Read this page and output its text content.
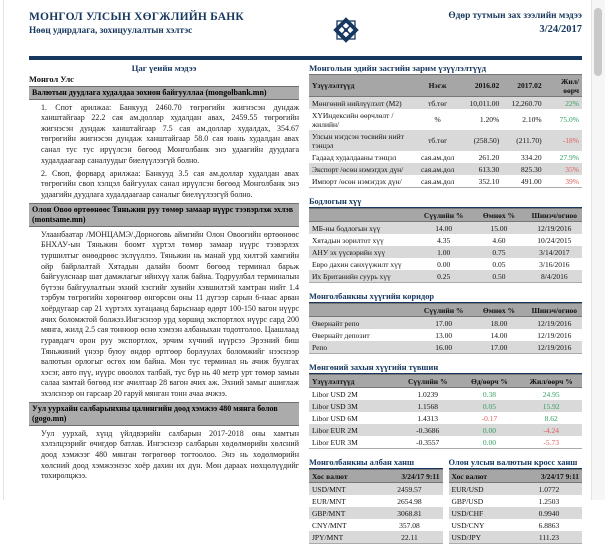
МОНГОЛ УЛСЫН ХӨГЖЛИЙН БАНК
Нөөц удирдлага, зохицуулалтын хэлтэс
Өдөр тутмын зах зээлийн мэдээ
3/24/2017
Цаг үеийн мэдээ
Монгол Улс
Валютын дуудлага худалдаа зохион байгууллаа (mongolbank.mn)
1. Спот арилжаа: Банкууд 2460.70 төгрөгийн жигнэсэн дундаж ханштайгаар 22.2 сая ам.доллар худалдан авах, 2459.55 төгрөгийн жигнэсэн дундаж ханштайгаар 7.5 сая ам.доллар худалдах, 354.67 төгрөгийн жигнэсэн дундаж ханштайгаар 58.0 сая юань худалдан авах санал тус тус ирүүлсэн бөгөөд Монголбанк энэ удаагийн дуудлага худалдаагаар саналуудыг биелүүлээгүй болно.
2. Своп, форвард арилжаа: Банкууд 3.5 сая ам.доллар худалдан авах төгрөгийн своп хэлцэл байгуулах санал ирүүлсэн бөгөөд Монголбанк энэ удаагийн дуудлага худалдаагаар саналыг биелүүлээгүй болно.
Олон Овоо өртөөнөөс Тяньжин руу төмөр замаар нүүрс тээвэрлэж эхлэв (montsame.mn)
Улаанбаатар /МОНЦАМЭ/.Дорноговь аймгийн Олон Овоогийн өртөөнөөс БНХАУ-ын Тяньжин боомт хүртэл төмөр замаар нүүрс тээвэрлэх туршилтыг өнөөдрөөс эхлүүллээ. Тяньжин нь манай урд хилтэй хамгийн ойр байрлалтай Хятадын далайн боомт бөгөөд терминал барьж байгуулснаар шат дамжлагыг ийнхүү халж байна. Тодруулбал терминалын бүтээн байгуулалтын эхний хэсгийг хувийн хэвшилтэй хамтран нийт 1.4 тэрбум төгрөгийн хөрөнгөөр өнгөрсөн оны 11 дүгээр сарын 6-наас арван хоёрдугаар сар 21 хүртэлх хугацаанд барьснаар өдөрт 100-150 вагон нүүрс ачих боломжтой болжээ.Ингэснээр урд хөршид экспортлох нүүрс сард 200 мянга, жилд 2.5 сая тонноор өснө хэмээн албаныхан тодотголоо. Цаашлаад гуравдагч орон руу экспортлох, эрчим хүчний нүүрсээ Эрээний биш Тяньжиний үнээр буюу өндөр өртгөөр борлуулах боломжийг нээснээр валютын орлогыг өсгөх юм байна. Мөн тус терминал нь ачиж буулгах хэсэг, авто пүү, нүүрс овоолох талбай, тус бүр нь 40 метр урт төмөр замын салаа замтай бөгөөд нэг ачилтаар 28 вагон ачих аж. Эхний замыг ашиглаж эхэлснээр он гарсаар 20 гаруй мянган тонн ачаа ачжээ.
Уул уурхайн салбарынхны цалингийн доод хэмжээ 480 мянга болов (gogo.mn)
Уул уурхай, хүнд үйлдвэрийн салбарын 2017-2018 оны хамтын хэлэлцээрийг өчигдөр батлав. Ингэснээр салбарын хөдөлмөрийн хөлсний доод хэмжээг 480 мянган төгрөгөөр тогтоолоо. Энэ нь хөдөлмөрийн хөлсний доод хэмжээнээс хоёр дахин их дүн. Мөн дараах нөхцөлүүдийг тохиролцжээ.
Монголын эдийн засгийн зарим үзүүлэлтүүд
Үзүүлэлтүүд	Нэгж	2016.02	2017.02	Жил/өөрч
Мөнгөний нийлүүлэлт (M2)	тб.төг	10,011.00	12,260.70	22%
ХҮИндексийн өөрчлөлт /жилийн/	%	1.20%	2.10%	75.0%
Улсын нэгдсэн төсвийн нийт тэнцэл	тб.төг	(258.50)	(211.70)	-18%
Гадаад худалдааны тэнцэл	сая.ам.дол	261.20	334.20	27.9%
Экспорт /өсөн нэмэгдэх дүн/	сая.ам.дол	613.30	825.30	35%
Импорт /өсөн нэмэгдэх дүн/	сая.ам.дол	352.10	491.00	39%
Бодлогын хүү
	Сүүлийн %	Өмнөх %	Шинэч/огноо
МБ-ны бодлогын хүү	14.00	15.00	12/19/2016
Хятадын зорилтот хүү	4.35	4.60	10/24/2015
АНУ эх үүсвэрийн хүү	1.00	0.75	3/14/2017
Евро дахин санхүүжилт хүү	0.00	0.05	3/16/2016
Их Британийн суурь хүү	0.25	0.50	8/4/2016
Монголбанкны хүүгийн коридор
	Сүүлийн %	Өмнөх %	Шинэч/огноо
Өвернайт репо	17.00	18.00	12/19/2016
Өвернайт депозит	13.00	14.00	12/19/2016
Репо	16.00	17.00	12/19/2016
Мөнгөний захын хүүгийн түвшин
Үзүүлэлтүүд	Сүүлийн %	Өд/өөрч %	Жил/өөрч %
Libor USD 2M	1.0239	0.38	24.95
Libor USD 3M	1.1568	0.05	15.92
Libor USD 6M	1.4313	-0.17	8.62
Libor EUR 2M	-0.3686	0.00	-4.24
Libor EUR 3M	-0.3557	0.00	-5.73
Монголбанкны албан ханш
Хос валют	3/24/17 9:11
USD/MNT	2459.57
EUR/MNT	2654.98
GBP/MNT	3068.81
CNY/MNT	357.08
JPY/MNT	22.11
Олон улсын валютын кросс ханш
Хос валют	3/24/17 9:11
EUR/USD	1.0772
GBP/USD	1.2503
USD/CHF	0.9940
USD/CNY	6.8863
USD/JPY	111.23
